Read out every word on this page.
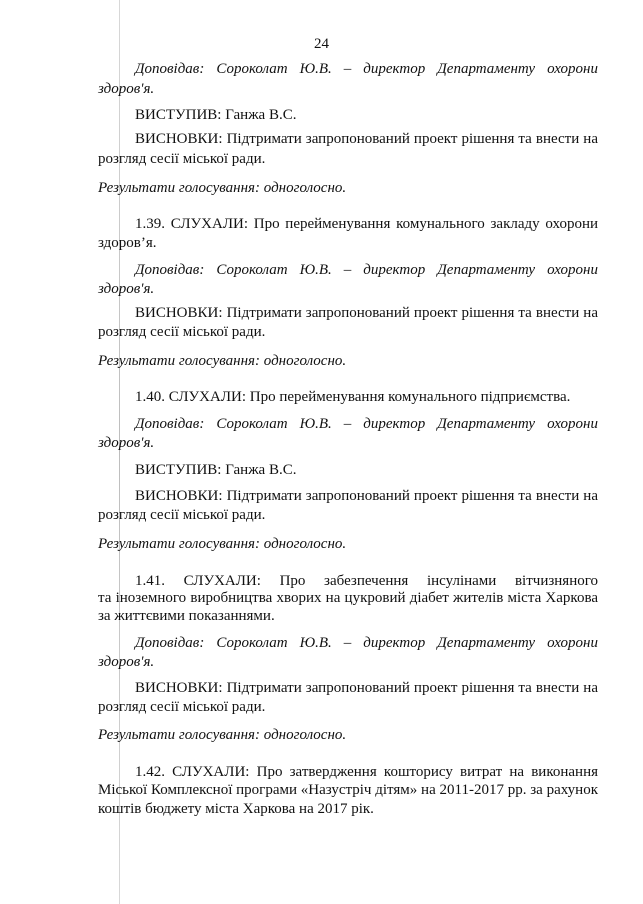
24
Доповідав: Сороколат Ю.В. – директор Департаменту охорони
здоров'я.
ВИСТУПИВ: Ганжа В.С.
ВИСНОВКИ: Підтримати запропонований проект рішення та внести на
розгляд сесії міської ради.
Результати голосування: одноголосно.
1.39. СЛУХАЛИ: Про перейменування комунального закладу охорони
здоров’я.
Доповідав: Сороколат Ю.В. – директор Департаменту охорони
здоров'я.
ВИСНОВКИ: Підтримати запропонований проект рішення та внести на
розгляд сесії міської ради.
Результати голосування: одноголосно.
1.40. СЛУХАЛИ: Про перейменування комунального підприємства.
Доповідав: Сороколат Ю.В. – директор Департаменту охорони
здоров'я.
ВИСТУПИВ: Ганжа В.С.
ВИСНОВКИ: Підтримати запропонований проект рішення та внести на
розгляд сесії міської ради.
Результати голосування: одноголосно.
1.41. СЛУХАЛИ: Про забезпечення інсулінами вітчизняного
та іноземного виробництва хворих на цукровий діабет жителів міста Харкова
за життєвими показаннями.
Доповідав: Сороколат Ю.В. – директор Департаменту охорони
здоров'я.
ВИСНОВКИ: Підтримати запропонований проект рішення та внести на
розгляд сесії міської ради.
Результати голосування: одноголосно.
1.42. СЛУХАЛИ: Про затвердження кошторису витрат на виконання
Міської Комплексної програми «Назустріч дітям» на 2011-2017 рр. за рахунок
коштів бюджету міста Харкова на 2017 рік.
